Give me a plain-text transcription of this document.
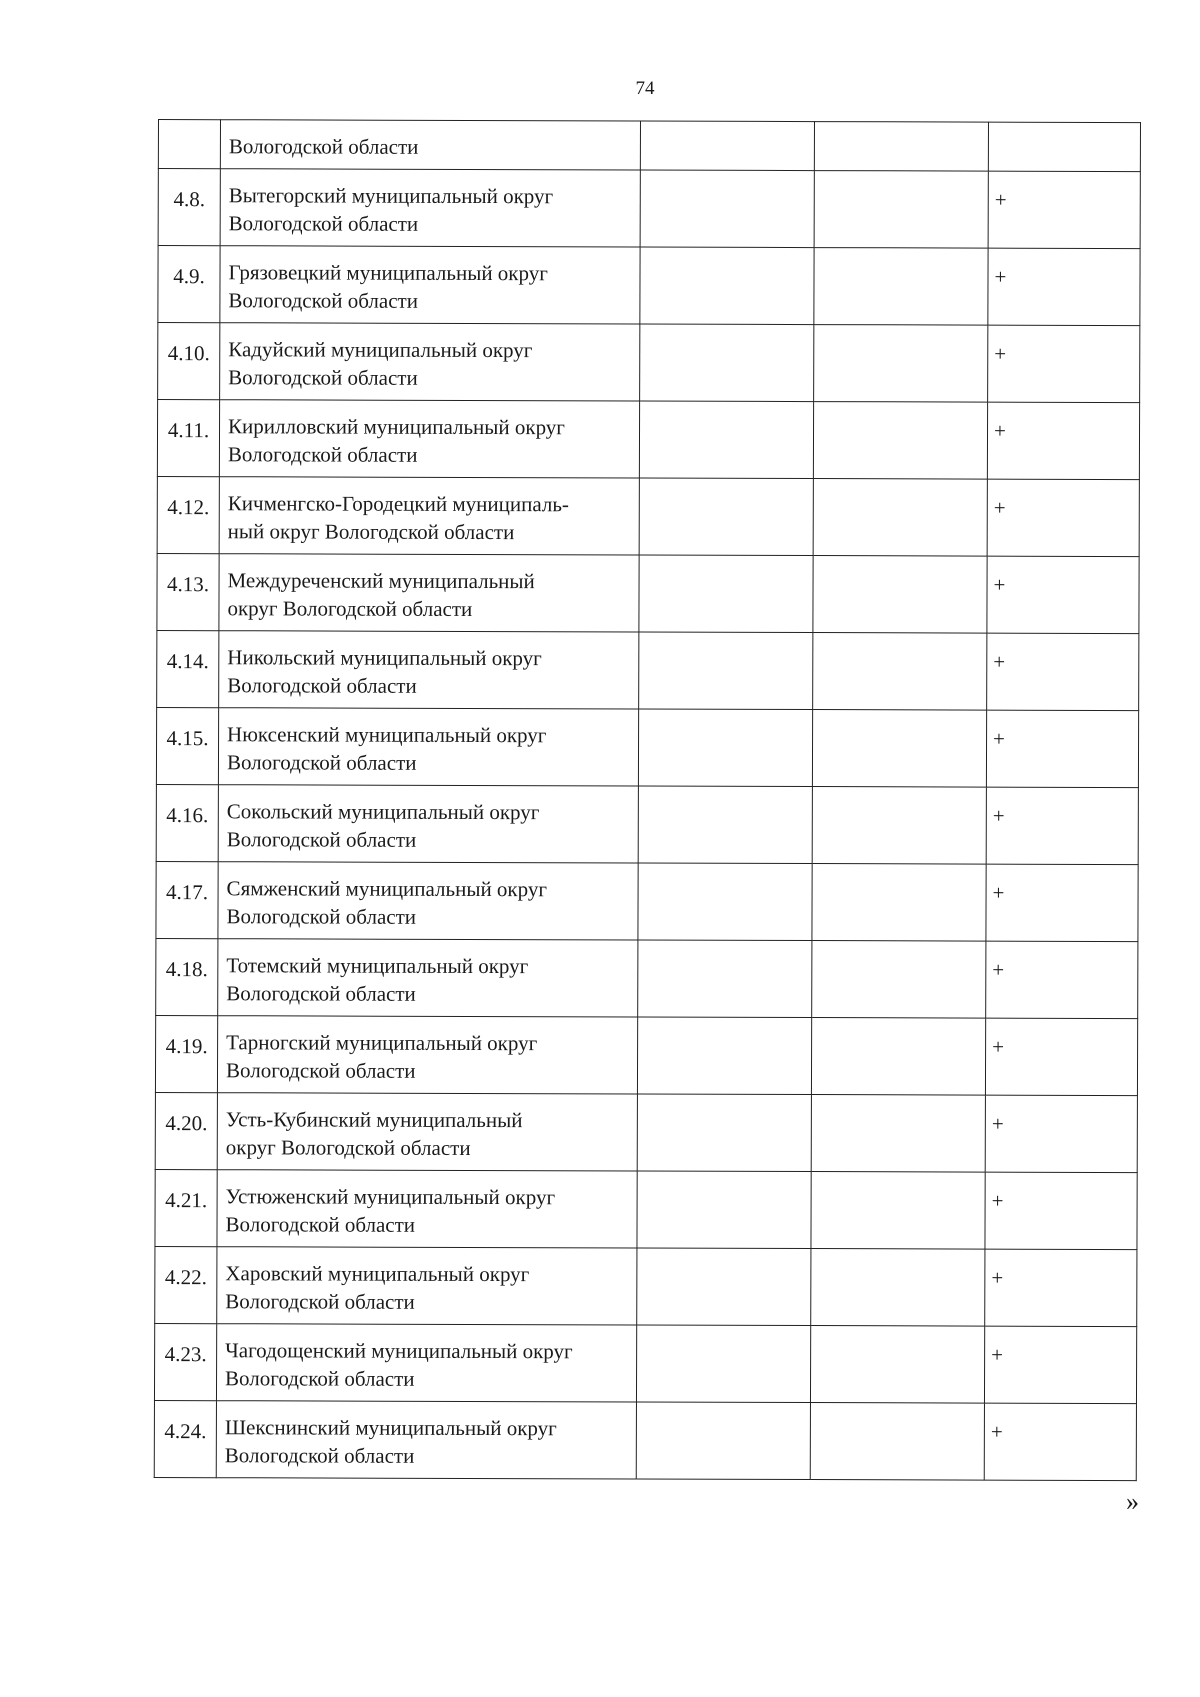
74
	Вологодской области			
4.8.	Вытегорский муниципальный округ
Вологодской области			+
4.9.	Грязовецкий муниципальный округ
Вологодской области			+
4.10.	Кадуйский муниципальный округ
Вологодской области			+
4.11.	Кирилловский муниципальный округ
Вологодской области			+
4.12.	Кичменгско-Городецкий муниципаль-
ный округ Вологодской области			+
4.13.	Междуреченский муниципальный
округ Вологодской области			+
4.14.	Никольский муниципальный округ
Вологодской области			+
4.15.	Нюксенский муниципальный округ
Вологодской области			+
4.16.	Сокольский муниципальный округ
Вологодской области			+
4.17.	Сямженский муниципальный округ
Вологодской области			+
4.18.	Тотемский муниципальный округ
Вологодской области			+
4.19.	Тарногский муниципальный округ
Вологодской области			+
4.20.	Усть-Кубинский муниципальный
округ Вологодской области			+
4.21.	Устюженский муниципальный округ
Вологодской области			+
4.22.	Харовский муниципальный округ
Вологодской области			+
4.23.	Чагодощенский муниципальный округ
Вологодской области			+
4.24.	Шекснинский муниципальный округ
Вологодской области			+
»
